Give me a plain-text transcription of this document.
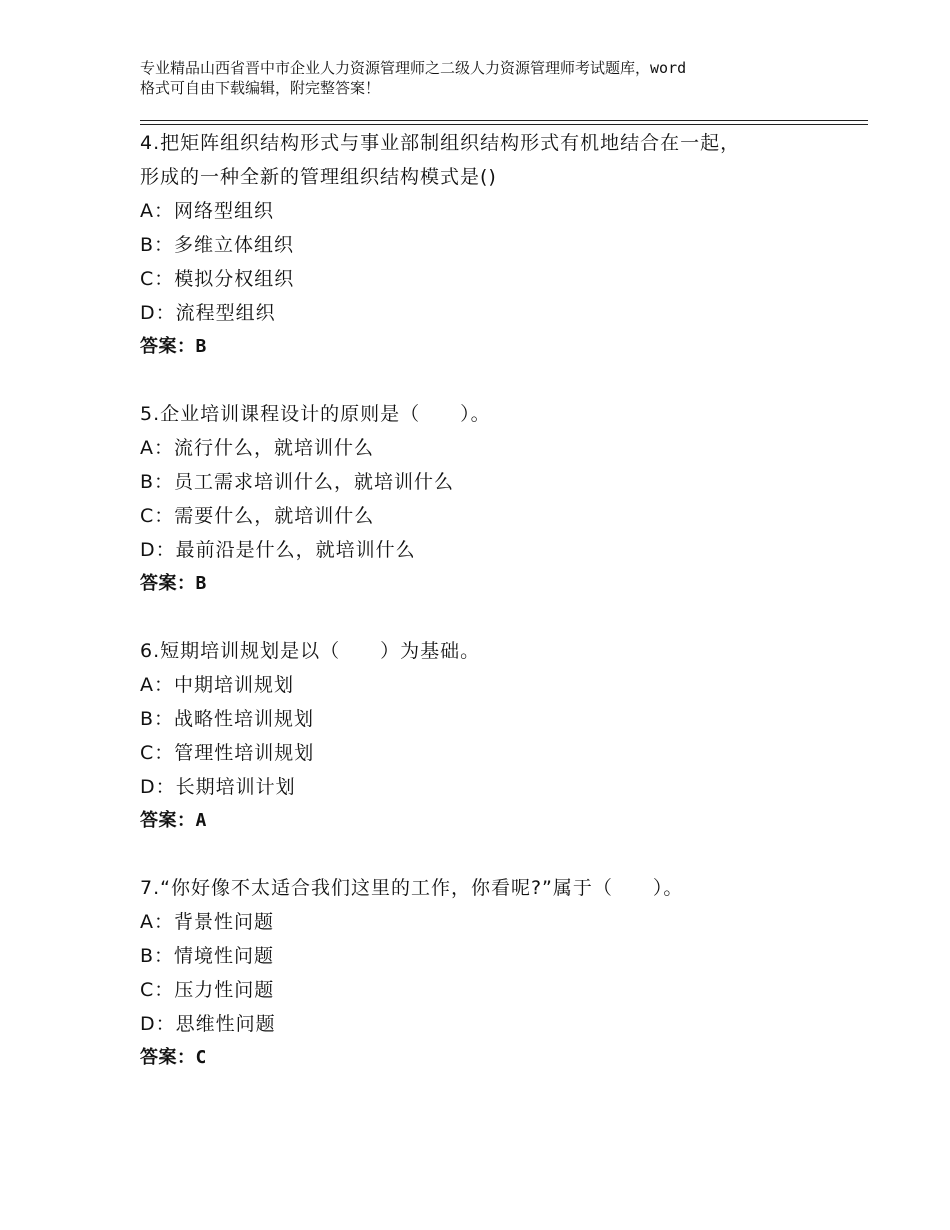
专业精品山西省晋中市企业人力资源管理师之二级人力资源管理师考试题库，word
格式可自由下载编辑，附完整答案！
4.把矩阵组织结构形式与事业部制组织结构形式有机地结合在一起，
形成的一种全新的管理组织结构模式是()
A：网络型组织
B：多维立体组织
C：模拟分权组织
D：流程型组织
答案：B
5.企业培训课程设计的原则是（　　）。
A：流行什么，就培训什么
B：员工需求培训什么，就培训什么
C：需要什么，就培训什么
D：最前沿是什么，就培训什么
答案：B
6.短期培训规划是以（　　）为基础。
A：中期培训规划
B：战略性培训规划
C：管理性培训规划
D：长期培训计划
答案：A
7.“你好像不太适合我们这里的工作，你看呢?”属于（　　）。
A：背景性问题
B：情境性问题
C：压力性问题
D：思维性问题
答案：C
